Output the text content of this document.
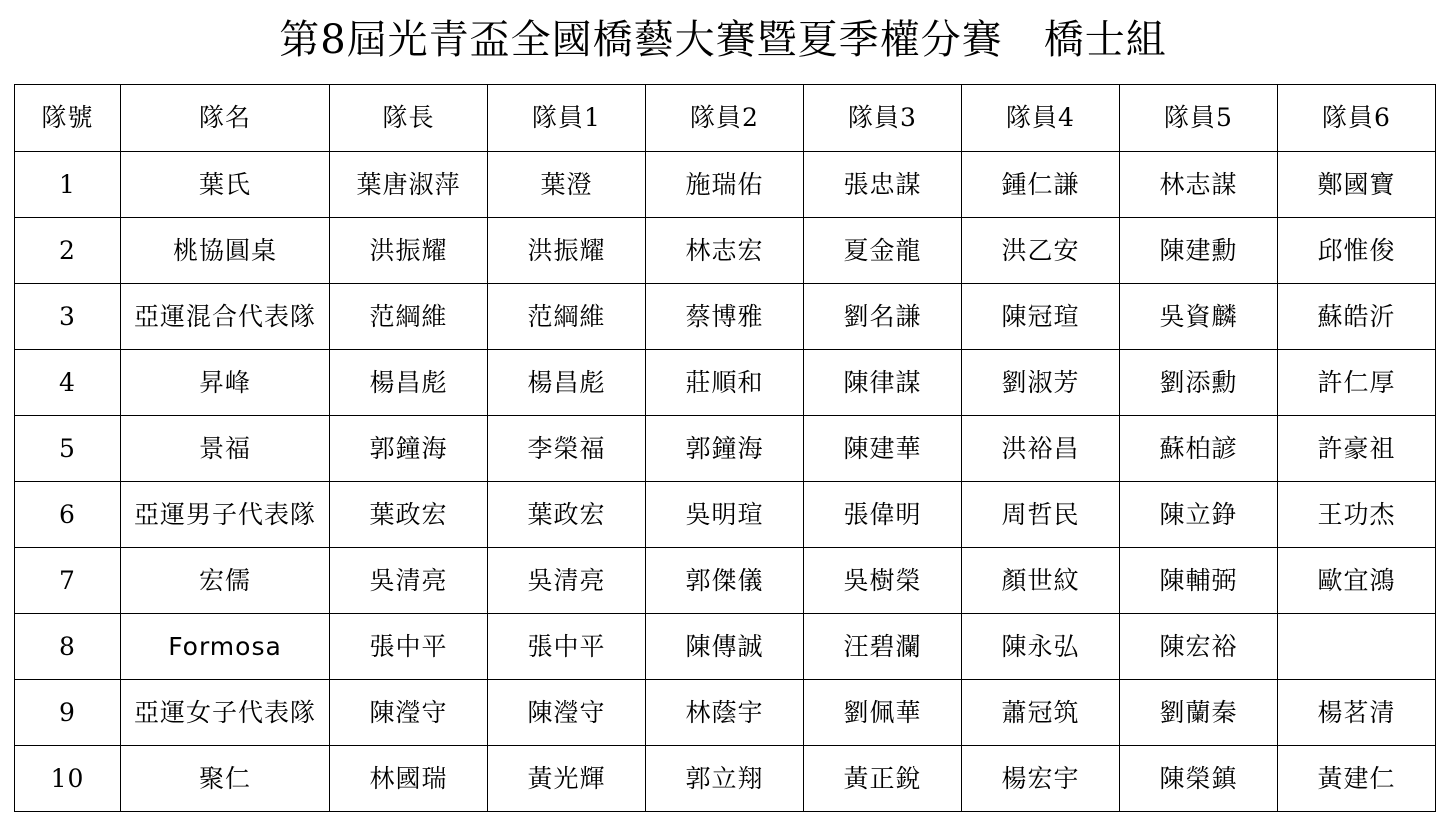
第8屆光青盃全國橋藝大賽暨夏季權分賽   橋士組
隊號	隊名	隊長	隊員1	隊員2	隊員3	隊員4	隊員5	隊員6
1	葉氏	葉唐淑萍	葉澄	施瑞佑	張忠謀	鍾仁謙	林志謀	鄭國寶
2	桃協圓桌	洪振耀	洪振耀	林志宏	夏金龍	洪乙安	陳建勳	邱惟俊
3	亞運混合代表隊	范綱維	范綱維	蔡博雅	劉名謙	陳冠瑄	吳資麟	蘇皓沂
4	昇峰	楊昌彪	楊昌彪	莊順和	陳律謀	劉淑芳	劉添勳	許仁厚
5	景福	郭鐘海	李榮福	郭鐘海	陳建華	洪裕昌	蘇柏諺	許豪祖
6	亞運男子代表隊	葉政宏	葉政宏	吳明瑄	張偉明	周哲民	陳立錚	王功杰
7	宏儒	吳清亮	吳清亮	郭傑儀	吳樹榮	顏世紋	陳輔弼	歐宜鴻
8	Formosa	張中平	張中平	陳傳誠	汪碧瀾	陳永弘	陳宏裕	
9	亞運女子代表隊	陳瀅守	陳瀅守	林蔭宇	劉佩華	蕭冠筑	劉蘭秦	楊茗清
10	聚仁	林國瑞	黃光輝	郭立翔	黃正銳	楊宏宇	陳榮鎮	黃建仁
